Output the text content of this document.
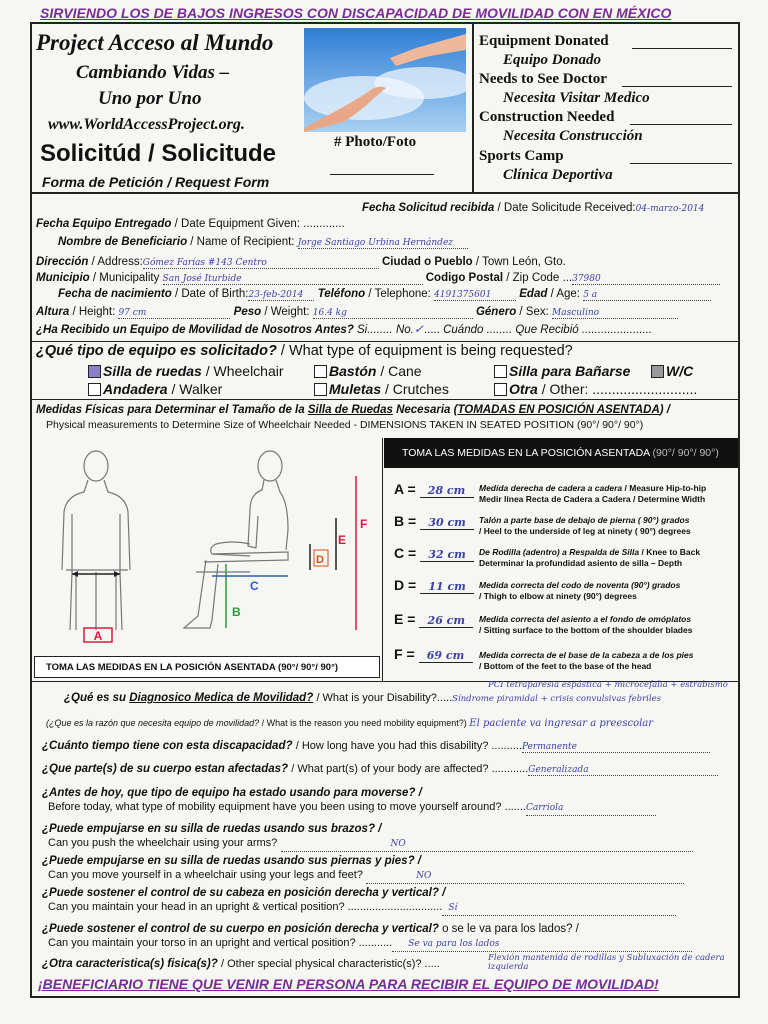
SIRVIENDO LOS DE BAJOS INGRESOS CON DISCAPACIDAD DE MOVILIDAD CON EN MÉXICO
Project Acceso al Mundo
Cambiando Vidas –
Uno por Uno
www.WorldAccessProject.org.
Solicitúd / Solicitude
Forma de Petición / Request Form
# Photo/Foto
Equipment Donated
Equipo Donado
Needs to See Doctor
Necesita Visitar Medico
Construction Needed
Necesita Construcción
Sports Camp
Clínica Deportiva
Fecha Solicitud recibida / Date Solicitude Received:04-marzo-2014
Fecha Equipo Entregado / Date Equipment Given: .............
Nombre de Beneficiario / Name of Recipient: Jorge Santiago Urbina Hernández
Dirección / Address:Gómez Farías #143 Centro	Ciudad o Pueblo / Town León, Gto.
Municipio / Municipality San José Iturbide	Codigo Postal / Zip Code ...37980
Fecha de nacimiento / Date of Birth:23-feb-2014 Teléfono / Telephone: 4191375601 Edad / Age: 5 a
Altura / Height: 97 cm	Peso / Weight: 16.4 kg	Género / Sex: Masculino
¿Ha Recibido un Equipo de Movilidad de Nosotros Antes? Si........ No.✓..... Cuándo ........ Que Recibió ......................
¿Qué tipo de equipo es solicitado? / What type of equipment is being requested?
Silla de ruedas / Wheelchair	Bastón / Cane	Silla para Bañarse	W/C
Andadera / Walker	Muletas / Crutches	Otra / Other: ...........................
Medidas Físicas para Determinar el Tamaño de la Silla de Ruedas Necesaria (TOMADAS EN POSICIÓN ASENTADA) /
Physical measurements to Determine Size of Wheelchair Needed - DIMENSIONS TAKEN IN SEATED POSITION (90°/ 90°/ 90°)
A
B
C
D
E
F
TOMA LAS MEDIDAS EN LA POSICIÓN ASENTADA (90°/ 90°/ 90°)
TOMA LAS MEDIDAS EN LA POSICIÓN ASENTADA (90°/ 90°/ 90°)
A = 28 cm	Medida derecha de cadera a cadera / Measure Hip-to-hip
Medir línea Recta de Cadera a Cadera / Determine Width
B = 30 cm	Talón a parte base de debajo de pierna ( 90°) grados
/ Heel to the underside of leg at ninety ( 90°) degrees
C = 32 cm	De Rodilla (adentro) a Respalda de Silla / Knee to Back
Determinar la profundidad asiento de silla – Depth
D = 11 cm	Medida correcta del codo de noventa (90°) grados
/ Thigh to elbow at ninety (90°) degrees
E = 26 cm	Medida correcta del asiento a el fondo de omóplatos
/ Sitting surface to the bottom of the shoulder blades
F = 69 cm	Medida correcta de el base de la cabeza a de los pies
/ Bottom of the feet to the base of the head
PCI tetraparesia espástica + microcefalia + estrabismo
¿Qué es su Diagnosico Medica de Movilidad? / What is your Disability?.....Síndrome piramidal + crisis convulsivas febriles
(¿Que es la razón que necesita equipo de movilidad? / What is the reason you need mobility equipment?) El paciente va ingresar a preescolar
¿Cuánto tiempo tiene con esta discapacidad? / How long have you had this disability? ..........Permanente
¿Que parte(s) de su cuerpo estan afectadas? / What part(s) of your body are affected? ............Generalizada
¿Antes de hoy, que tipo de equipo ha estado usando para moverse? /
Before today, what type of mobility equipment have you been using to move yourself around? .......Carriola
¿Puede empujarse en su silla de ruedas usando sus brazos? /
Can you push the wheelchair using your arms?	NO
¿Puede empujarse en su silla de ruedas usando sus piernas y pies? /
Can you move yourself in a wheelchair using your legs and feet?	NO
¿Puede sostener el control de su cabeza en posición derecha y vertical? /
Can you maintain your head in an upright & vertical position? ............................... Sí
¿Puede sostener el control de su cuerpo en posición derecha y vertical? o se le va para los lados? /
Can you maintain your torso in an upright and vertical position? ........... Se va para los lados
¿Otra caracteristica(s) fisica(s)? / Other special physical characteristic(s)? .....	Flexión mantenida de rodillas y Subluxación de cadera
izquierda
¡BENEFICIARIO TIENE QUE VENIR EN PERSONA PARA RECIBIR EL EQUIPO DE MOVILIDAD!
